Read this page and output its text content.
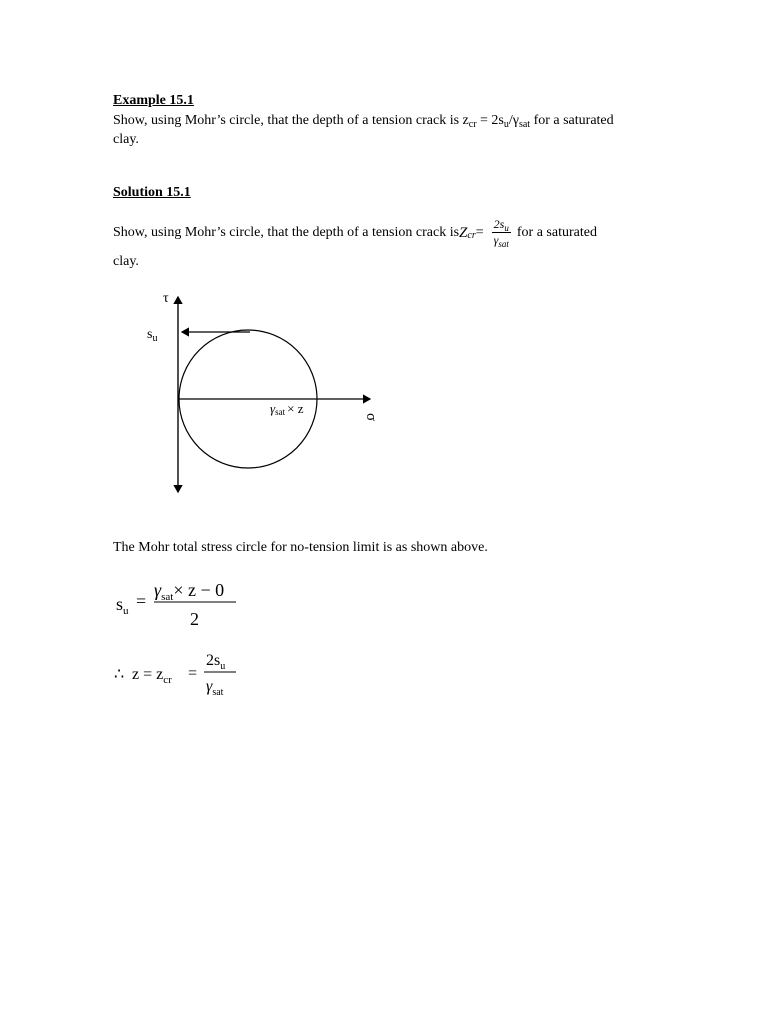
Example 15.1
Show, using Mohr’s circle, that the depth of a tension crack is $z_{cr} = 2s_u/\gamma_{sat}$ for a saturated
clay.
Solution 15.1
Show, using Mohr’s circle, that the depth of a tension crack is Z cr = $\frac{2s_u}{\gamma_{sat}}$ for a saturated
clay.
τ
$s_u$
σ
γsat × z
The Mohr total stress circle for no-tension limit is as shown above.
$s_u$ =
$\gamma_{sat}\times z - 0$
2
∴ $z = z_{cr}$ =
$2s_u$
$\gamma_{sat}$
